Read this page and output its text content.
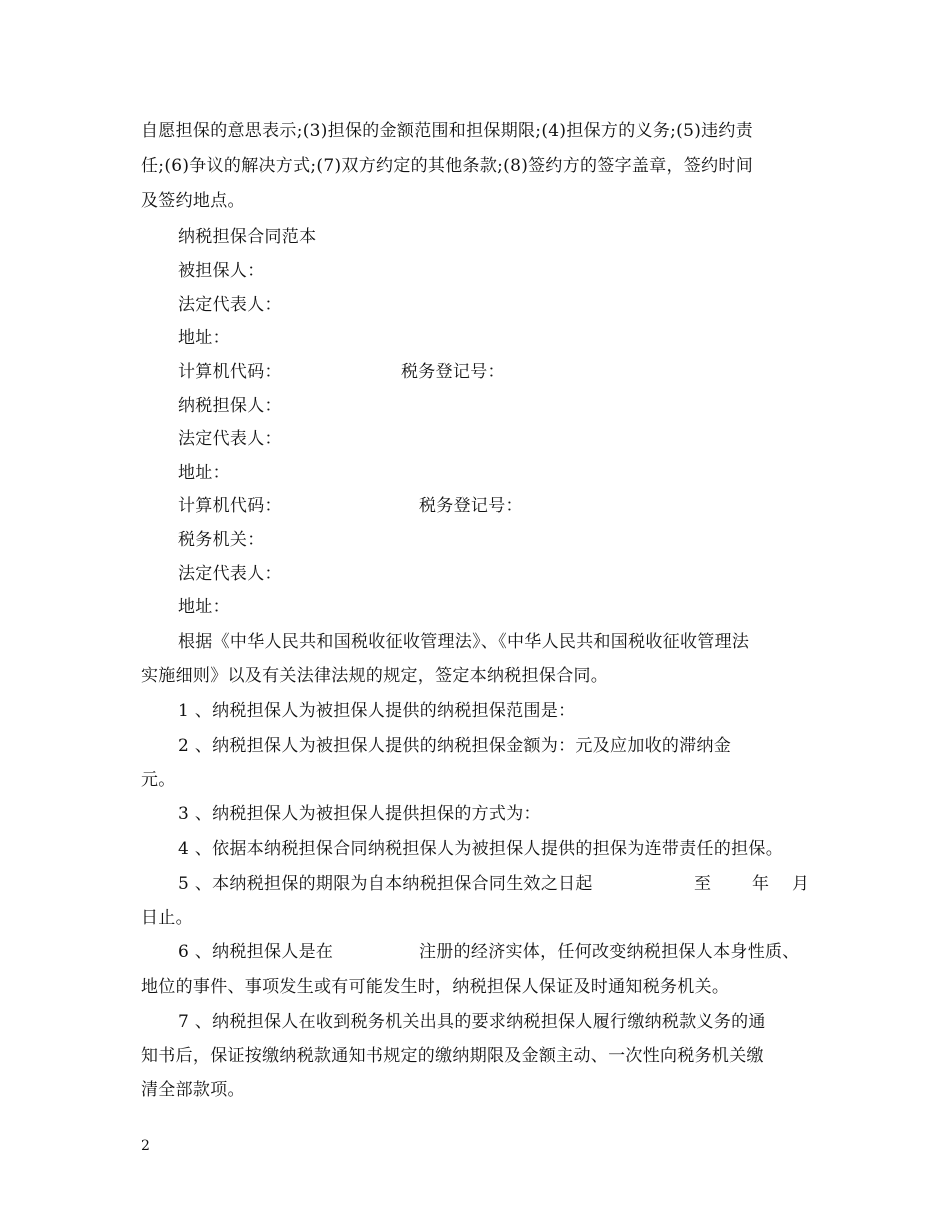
自愿担保的意思表示;(3)担保的金额范围和担保期限;(4)担保方的义务;(5)违约责
任;(6)争议的解决方式;(7)双方约定的其他条款;(8)签约方的签字盖章，签约时间
及签约地点。
纳税担保合同范本
被担保人：
法定代表人：
地址：
计算机代码：	税务登记号：
纳税担保人：
法定代表人：
地址：
计算机代码：	税务登记号：
税务机关：
法定代表人：
地址：
根据《中华人民共和国税收征收管理法》、《中华人民共和国税收征收管理法
实施细则》以及有关法律法规的规定，签定本纳税担保合同。
1 、纳税担保人为被担保人提供的纳税担保范围是：
2 、纳税担保人为被担保人提供的纳税担保金额为：元及应加收的滞纳金
元。
3 、纳税担保人为被担保人提供担保的方式为：
4 、依据本纳税担保合同纳税担保人为被担保人提供的担保为连带责任的担保。
5 、本纳税担保的期限为自本纳税担保合同生效之日起	至 年 月
日止。
6 、纳税担保人是在	注册的经济实体，任何改变纳税担保人本身性质、
地位的事件、事项发生或有可能发生时，纳税担保人保证及时通知税务机关。
7 、纳税担保人在收到税务机关出具的要求纳税担保人履行缴纳税款义务的通
知书后，保证按缴纳税款通知书规定的缴纳期限及金额主动、一次性向税务机关缴
清全部款项。
2
